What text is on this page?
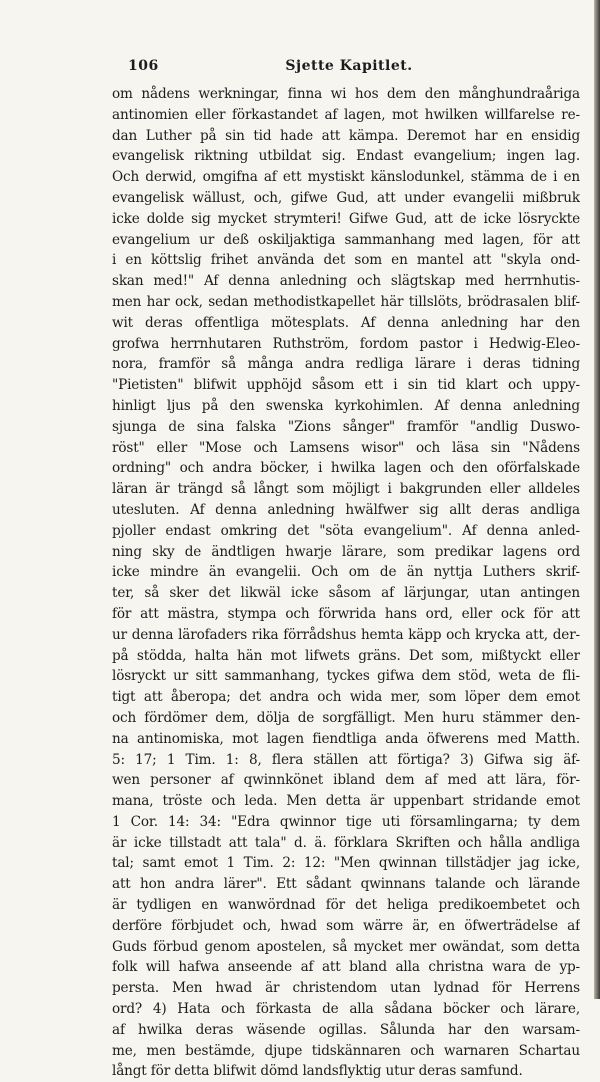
106	Sjette Kapitlet.
om nådens werkningar, finna wi hos dem den månghundraåriga
antinomien eller förkastandet af lagen, mot hwilken willfarelse re-
dan Luther på sin tid hade att kämpa. Deremot har en ensidig
evangelisk riktning utbildat sig. Endast evangelium; ingen lag.
Och derwid, omgifna af ett mystiskt känslodunkel, stämma de i en
evangelisk wällust, och, gifwe Gud, att under evangelii mißbruk
icke dolde sig mycket strymteri! Gifwe Gud, att de icke lösryckte
evangelium ur deß oskiljaktiga sammanhang med lagen, för att
i en köttslig frihet använda det som en mantel att "skyla ond-
skan med!" Af denna anledning och slägtskap med herrnhutis-
men har ock, sedan methodistkapellet här tillslöts, brödrasalen blif-
wit deras offentliga mötesplats. Af denna anledning har den
grofwa herrnhutaren Ruthström, fordom pastor i Hedwig-Eleo-
nora, framför så många andra redliga lärare i deras tidning
"Pietisten" blifwit upphöjd såsom ett i sin tid klart och uppy-
hinligt ljus på den swenska kyrkohimlen. Af denna anledning
sjunga de sina falska "Zions sånger" framför "andlig Duswo-
röst" eller "Mose och Lamsens wisor" och läsa sin "Nådens
ordning" och andra böcker, i hwilka lagen och den oförfalskade
läran är trängd så långt som möjligt i bakgrunden eller alldeles
utesluten. Af denna anledning hwälfwer sig allt deras andliga
pjoller endast omkring det "söta evangelium". Af denna anled-
ning sky de ändtligen hwarje lärare, som predikar lagens ord
icke mindre än evangelii. Och om de än nyttja Luthers skrif-
ter, så sker det likwäl icke såsom af lärjungar, utan antingen
för att mästra, stympa och förwrida hans ord, eller ock för att
ur denna lärofaders rika förrådshus hemta käpp och krycka att, der-
på stödda, halta hän mot lifwets gräns. Det som, mißtyckt eller
lösryckt ur sitt sammanhang, tyckes gifwa dem stöd, weta de fli-
tigt att åberopa; det andra och wida mer, som löper dem emot
och fördömer dem, dölja de sorgfälligt. Men huru stämmer den-
na antinomiska, mot lagen fiendtliga anda öfwerens med Matth.
5: 17; 1 Tim. 1: 8, flera ställen att förtiga? 3) Gifwa sig äf-
wen personer af qwinnkönet ibland dem af med att lära, för-
mana, tröste och leda. Men detta är uppenbart stridande emot
1 Cor. 14: 34: "Edra qwinnor tige uti församlingarna; ty dem
är icke tillstadt att tala" d. ä. förklara Skriften och hålla andliga
tal; samt emot 1 Tim. 2: 12: "Men qwinnan tillstädjer jag icke,
att hon andra lärer". Ett sådant qwinnans talande och lärande
är tydligen en wanwördnad för det heliga predikoembetet och
derföre förbjudet och, hwad som wärre är, en öfwerträdelse af
Guds förbud genom apostelen, så mycket mer owändat, som detta
folk will hafwa anseende af att bland alla christna wara de yp-
persta. Men hwad är christendom utan lydnad för Herrens
ord? 4) Hata och förkasta de alla sådana böcker och lärare,
af hwilka deras wäsende ogillas. Sålunda har den warsam-
me, men bestämde, djupe tidskännaren och warnaren Schartau
långt för detta blifwit dömd landsflyktig utur deras samfund.
